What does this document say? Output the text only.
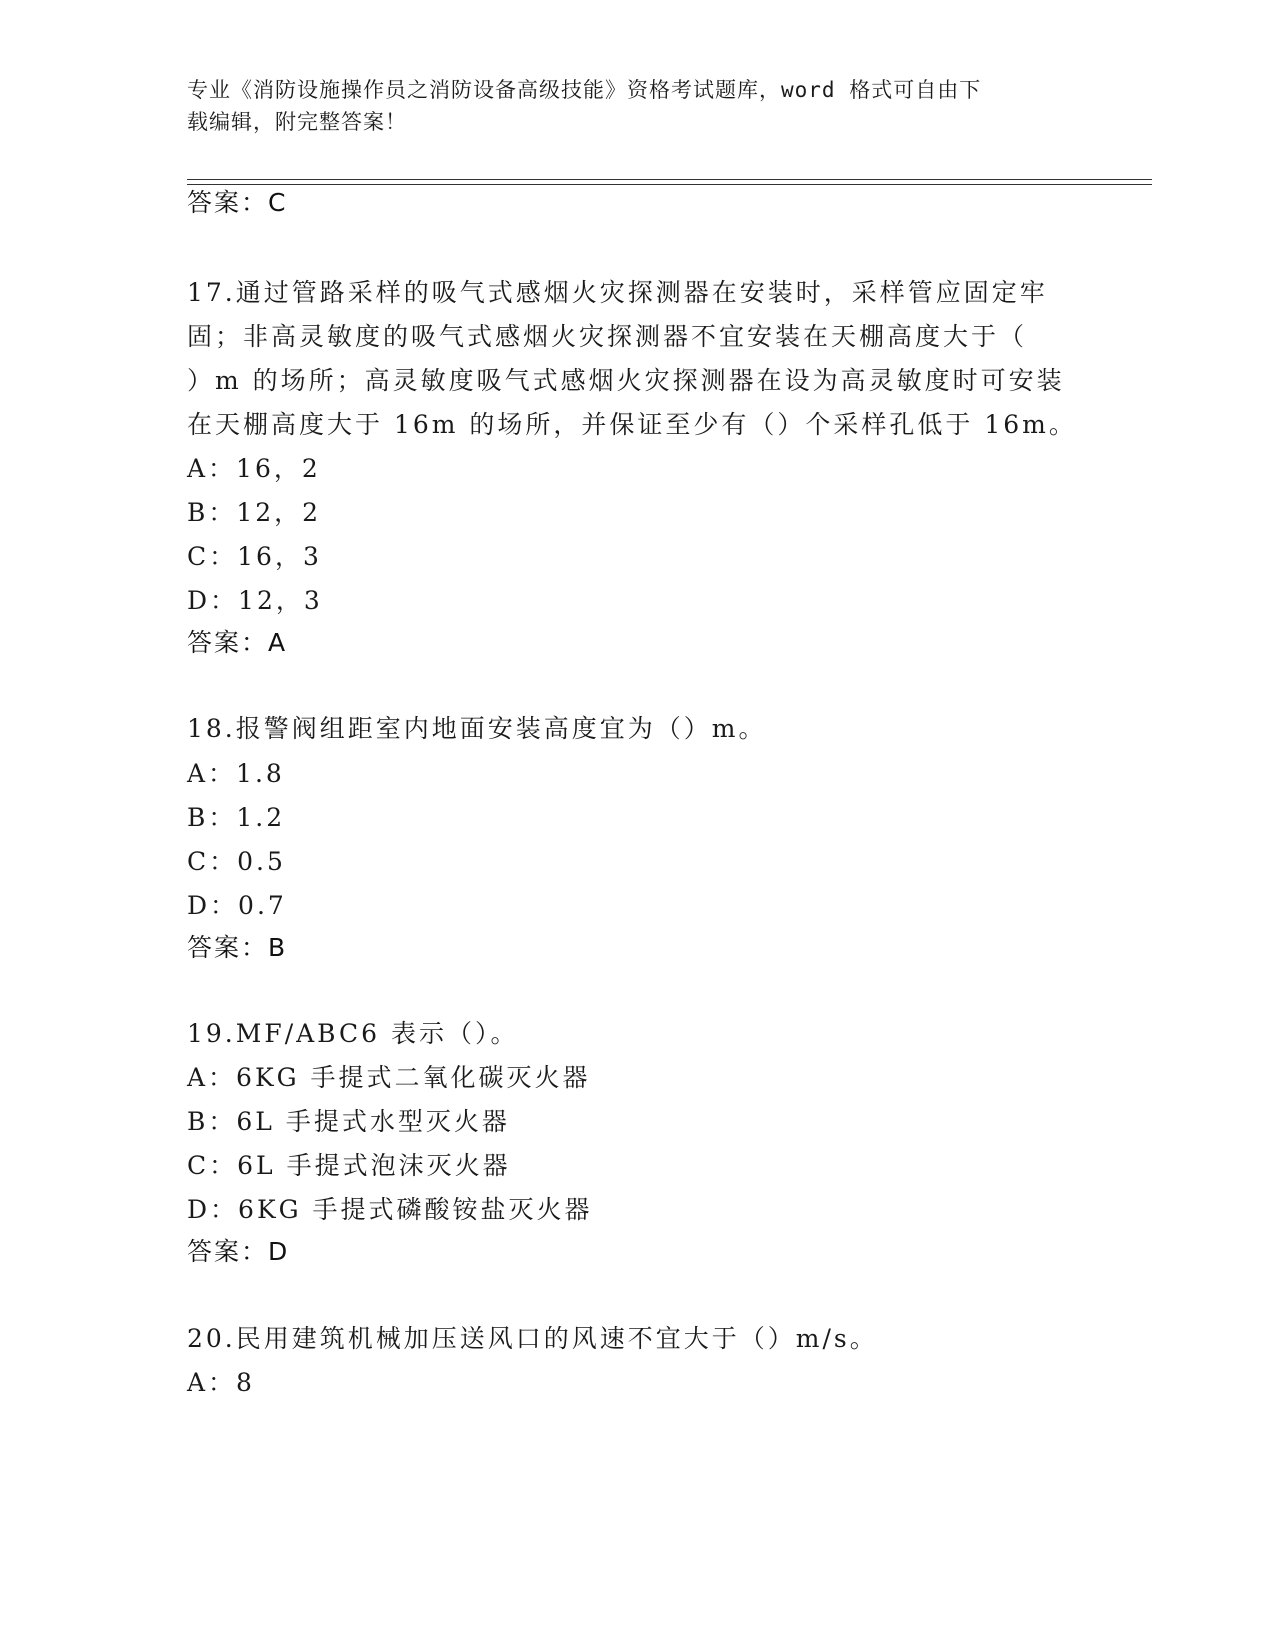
专业《消防设施操作员之消防设备高级技能》资格考试题库，word 格式可自由下
载编辑，附完整答案！
答案：C
17.通过管路采样的吸气式感烟火灾探测器在安装时，采样管应固定牢
固；非高灵敏度的吸气式感烟火灾探测器不宜安装在天棚高度大于（
）m 的场所；高灵敏度吸气式感烟火灾探测器在设为高灵敏度时可安装
在天棚高度大于 16m 的场所，并保证至少有（）个采样孔低于 16m。
A：16，2
B：12，2
C：16，3
D：12，3
答案：A
18.报警阀组距室内地面安装高度宜为（）m。
A：1.8
B：1.2
C：0.5
D：0.7
答案：B
19.MF/ABC6 表示（）。
A：6KG 手提式二氧化碳灭火器
B：6L 手提式水型灭火器
C：6L 手提式泡沫灭火器
D：6KG 手提式磷酸铵盐灭火器
答案：D
20.民用建筑机械加压送风口的风速不宜大于（）m/s。
A：8
